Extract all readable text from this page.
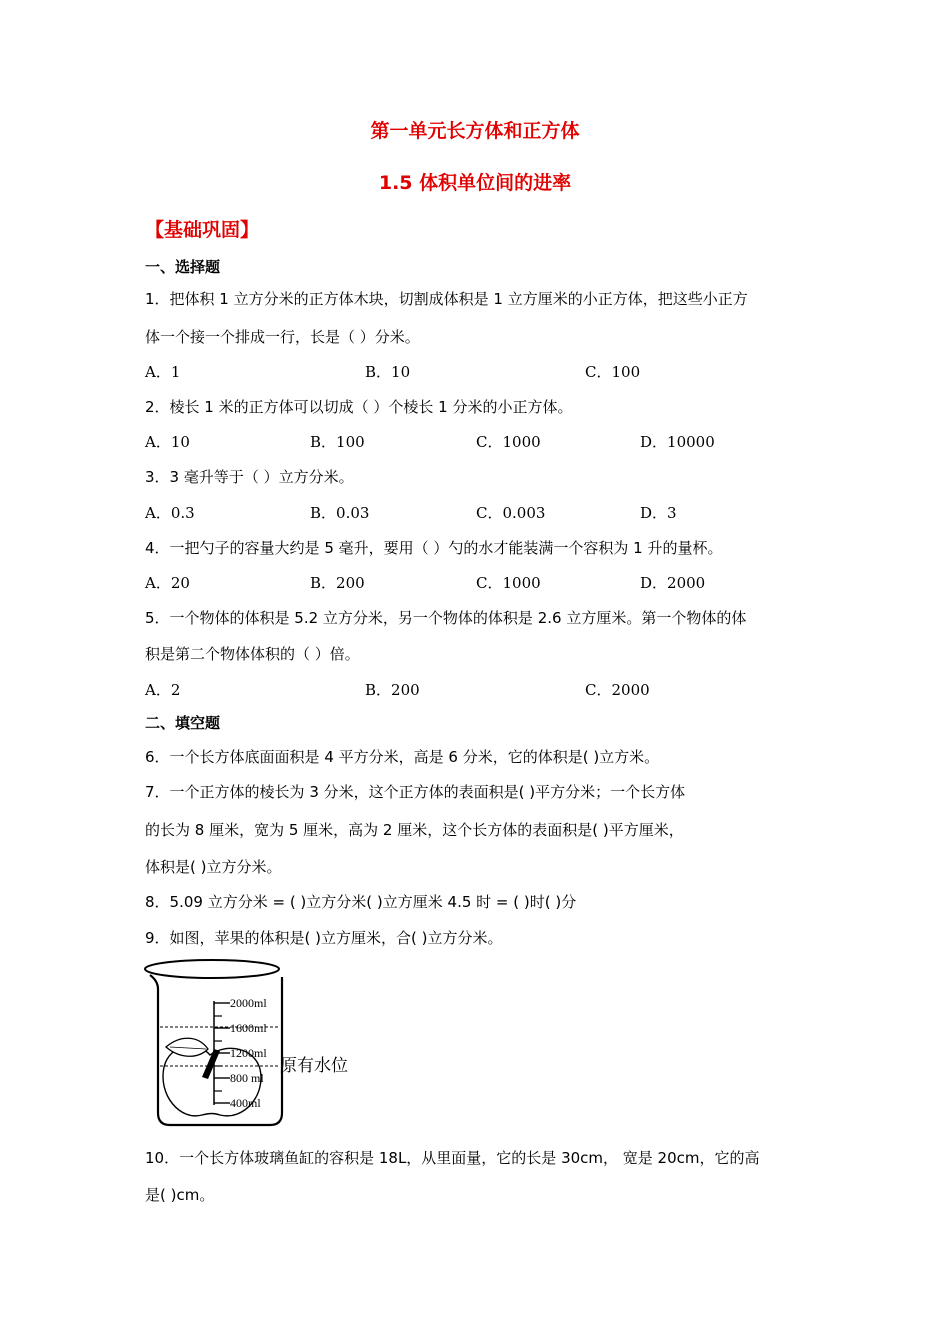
第一单元长方体和正方体
1.5 体积单位间的进率
【基础巩固】
一、选择题
1．把体积 1 立方分米的正方体木块，切割成体积是 1 立方厘米的小正方体，把这些小正方
体一个接一个排成一行，长是（ ）分米。
A．1	B．10	C．100
2．棱长 1 米的正方体可以切成（ ）个棱长 1 分米的小正方体。
A．10	B．100	C．1000	D．10000
3．3 毫升等于（ ）立方分米。
A．0.3	B．0.03	C．0.003	D．3
4．一把勺子的容量大约是 5 毫升，要用（ ）勺的水才能装满一个容积为 1 升的量杯。
A．20	B．200	C．1000	D．2000
5．一个物体的体积是 5.2 立方分米，另一个物体的体积是 2.6 立方厘米。第一个物体的体
积是第二个物体体积的（ ）倍。
A．2	B．200	C．2000
二、填空题
6．一个长方体底面面积是 4 平方分米，高是 6 分米，它的体积是( )立方米。
7．一个正方体的棱长为 3 分米，这个正方体的表面积是( )平方分米；一个长方体
的长为 8 厘米，宽为 5 厘米，高为 2 厘米，这个长方体的表面积是( )平方厘米，
体积是( )立方分米。
8．5.09 立方分米 = ( )立方分米( )立方厘米 4.5 时 = ( )时( )分
9．如图，苹果的体积是( )立方厘米，合( )立方分米。
2000ml
1600ml
1200ml
800 ml
400ml
原有水位
10．一个长方体玻璃鱼缸的容积是 18L，从里面量，它的长是 30cm， 宽是 20cm，它的高
是( )cm。
